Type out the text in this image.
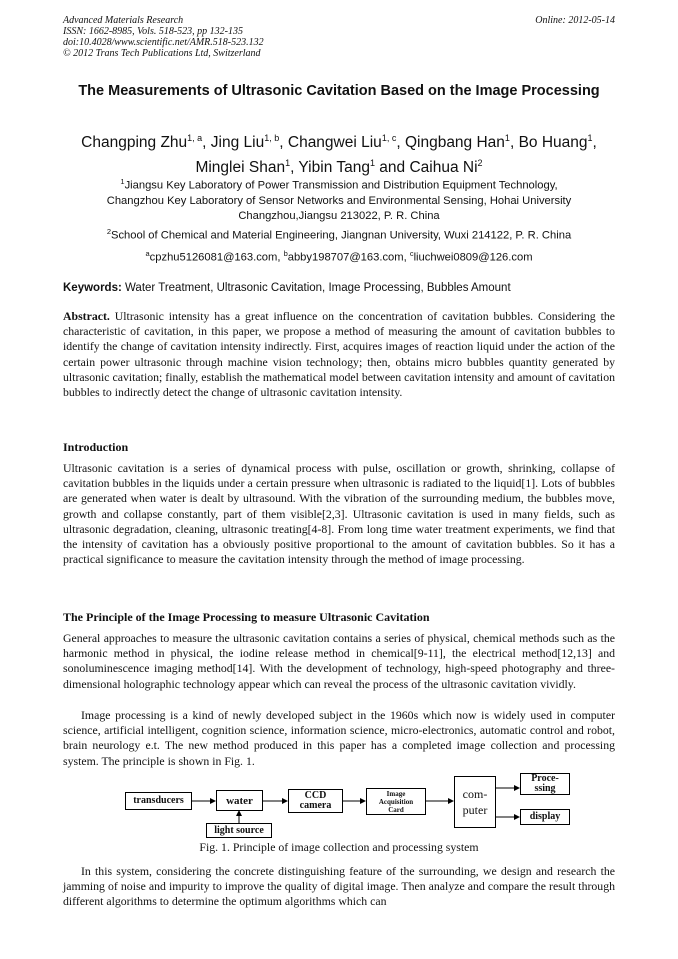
Advanced Materials Research
ISSN: 1662-8985, Vols. 518-523, pp 132-135
doi:10.4028/www.scientific.net/AMR.518-523.132
© 2012 Trans Tech Publications Ltd, Switzerland
Online: 2012-05-14
The Measurements of Ultrasonic Cavitation Based on the Image Processing
Changping Zhu$^{1, a}$, Jing Liu$^{1, b}$, Changwei Liu$^{1, c}$, Qingbang Han$^1$, Bo Huang$^1$,
Minglei Shan$^1$, Yibin Tang$^1$ and Caihua Ni$^2$
$^1$Jiangsu Key Laboratory of Power Transmission and Distribution Equipment Technology,
Changzhou Key Laboratory of Sensor Networks and Environmental Sensing, Hohai University
Changzhou,Jiangsu 213022, P. R. China
$^2$School of Chemical and Material Engineering, Jiangnan University, Wuxi 214122, P. R. China
$^a$cpzhu5126081@163.com, $^b$abby198707@163.com, $^c$liuchwei0809@126.com
Keywords: Water Treatment, Ultrasonic Cavitation, Image Processing, Bubbles Amount
Abstract. Ultrasonic intensity has a great influence on the concentration of cavitation bubbles. Considering the characteristic of cavitation, in this paper, we propose a method of measuring the amount of cavitation bubbles to identify the change of cavitation intensity indirectly. First, acquires images of reaction liquid under the action of the certain power ultrasonic through machine vision technology; then, obtains micro bubbles quantity generated by ultrasonic cavitation; finally, establish the mathematical model between cavitation intensity and amount of cavitation bubbles to indirectly detect the change of ultrasonic cavitation intensity.
Introduction
Ultrasonic cavitation is a series of dynamical process with pulse, oscillation or growth, shrinking, collapse of cavitation bubbles in the liquids under a certain pressure when ultrasonic is radiated to the liquid[1]. Lots of bubbles are generated when water is dealt by ultrasound. With the vibration of the surrounding medium, the bubbles move, growth and collapse constantly, part of them visible[2,3]. Ultrasonic cavitation is used in many fields, such as ultrasonic degradation, cleaning, ultrasonic treating[4-8]. From long time water treatment experiments, we find that the intensity of cavitation has a obviously positive proportional to the amount of cavitation bubbles. So it has a practical significance to measure the cavitation intensity through the method of image processing.
The Principle of the Image Processing to measure Ultrasonic Cavitation
General approaches to measure the ultrasonic cavitation contains a series of physical, chemical methods such as the harmonic method in physical, the iodine release method in chemical[9-11], the electrical method[12,13] and sonoluminescence imaging method[14]. With the development of technology, high-speed photography and three-dimensional holographic technology appear which can reveal the process of the ultrasonic cavitation vividly.
Image processing is a kind of newly developed subject in the 1960s which now is widely used in computer science, artificial intelligent, cognition science, information science, micro-electronics, automatic control and robot, brain neurology e.t. The new method produced in this paper has a completed image collection and processing system. The principle is shown in Fig. 1.
transducers	water
light source
CCD
camera
Image
Acquisition
Card
com-
puter
Proce-
ssing
display
Fig. 1. Principle of image collection and processing system
In this system, considering the concrete distinguishing feature of the surrounding, we design and research the jamming of noise and impurity to improve the quality of digital image. Then analyze and compare the result through different algorithms to determine the optimum algorithms which can
